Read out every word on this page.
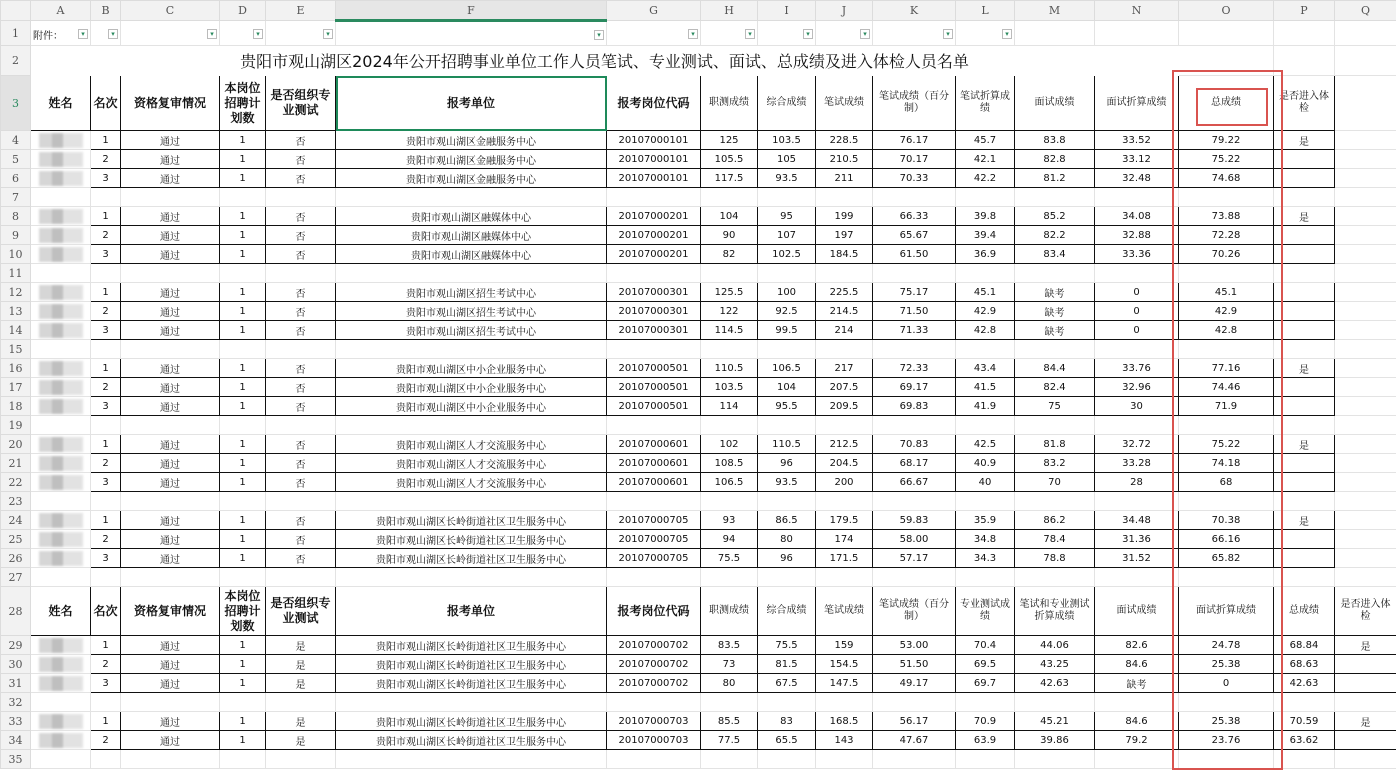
	A	B	C	D	E	F	G	H	I	J	K	L	M	N	O	P	Q
1	附件： ▾	▾	▾	▾	▾	▾	▾	▾	▾	▾	▾	▾					

2	贵阳市观山湖区2024年公开招聘事业单位工作人员笔试、专业测试、面试、总成绩及进入体检人员名单																
3	姓名	名次	资格复审情况	本岗位招聘计划数	是否组织专业测试	报考单位	报考岗位代码	职测成绩	综合成绩	笔试成绩	笔试成绩（百分制）	笔试折算成绩	面试成绩	面试折算成绩	总成绩	是否进入体检	
4		1	通过	1	否	贵阳市观山湖区金融服务中心	20107000101	125	103.5	228.5	76.17	45.7	83.8	33.52	79.22	是	
5		2	通过	1	否	贵阳市观山湖区金融服务中心	20107000101	105.5	105	210.5	70.17	42.1	82.8	33.12	75.22		
6		3	通过	1	否	贵阳市观山湖区金融服务中心	20107000101	117.5	93.5	211	70.33	42.2	81.2	32.48	74.68		
7																	
8		1	通过	1	否	贵阳市观山湖区融媒体中心	20107000201	104	95	199	66.33	39.8	85.2	34.08	73.88	是	
9		2	通过	1	否	贵阳市观山湖区融媒体中心	20107000201	90	107	197	65.67	39.4	82.2	32.88	72.28		
10		3	通过	1	否	贵阳市观山湖区融媒体中心	20107000201	82	102.5	184.5	61.50	36.9	83.4	33.36	70.26		
11																	
12		1	通过	1	否	贵阳市观山湖区招生考试中心	20107000301	125.5	100	225.5	75.17	45.1	缺考	0	45.1		
13		2	通过	1	否	贵阳市观山湖区招生考试中心	20107000301	122	92.5	214.5	71.50	42.9	缺考	0	42.9		
14		3	通过	1	否	贵阳市观山湖区招生考试中心	20107000301	114.5	99.5	214	71.33	42.8	缺考	0	42.8		
15																	
16		1	通过	1	否	贵阳市观山湖区中小企业服务中心	20107000501	110.5	106.5	217	72.33	43.4	84.4	33.76	77.16	是	
17		2	通过	1	否	贵阳市观山湖区中小企业服务中心	20107000501	103.5	104	207.5	69.17	41.5	82.4	32.96	74.46		
18		3	通过	1	否	贵阳市观山湖区中小企业服务中心	20107000501	114	95.5	209.5	69.83	41.9	75	30	71.9		
19																	
20		1	通过	1	否	贵阳市观山湖区人才交流服务中心	20107000601	102	110.5	212.5	70.83	42.5	81.8	32.72	75.22	是	
21		2	通过	1	否	贵阳市观山湖区人才交流服务中心	20107000601	108.5	96	204.5	68.17	40.9	83.2	33.28	74.18		
22		3	通过	1	否	贵阳市观山湖区人才交流服务中心	20107000601	106.5	93.5	200	66.67	40	70	28	68		
23																	
24		1	通过	1	否	贵阳市观山湖区长岭街道社区卫生服务中心	20107000705	93	86.5	179.5	59.83	35.9	86.2	34.48	70.38	是	
25		2	通过	1	否	贵阳市观山湖区长岭街道社区卫生服务中心	20107000705	94	80	174	58.00	34.8	78.4	31.36	66.16		
26		3	通过	1	否	贵阳市观山湖区长岭街道社区卫生服务中心	20107000705	75.5	96	171.5	57.17	34.3	78.8	31.52	65.82		
27																	
28	姓名	名次	资格复审情况	本岗位招聘计划数	是否组织专业测试	报考单位	报考岗位代码	职测成绩	综合成绩	笔试成绩	笔试成绩（百分制）	专业测试成绩	笔试和专业测试折算成绩	面试成绩	面试折算成绩	总成绩	是否进入体检
29		1	通过	1	是	贵阳市观山湖区长岭街道社区卫生服务中心	20107000702	83.5	75.5	159	53.00	70.4	44.06	82.6	24.78	68.84	是
30		2	通过	1	是	贵阳市观山湖区长岭街道社区卫生服务中心	20107000702	73	81.5	154.5	51.50	69.5	43.25	84.6	25.38	68.63	
31		3	通过	1	是	贵阳市观山湖区长岭街道社区卫生服务中心	20107000702	80	67.5	147.5	49.17	69.7	42.63	缺考	0	42.63	
32																	
33		1	通过	1	是	贵阳市观山湖区长岭街道社区卫生服务中心	20107000703	85.5	83	168.5	56.17	70.9	45.21	84.6	25.38	70.59	是
34		2	通过	1	是	贵阳市观山湖区长岭街道社区卫生服务中心	20107000703	77.5	65.5	143	47.67	63.9	39.86	79.2	23.76	63.62	
35																	
